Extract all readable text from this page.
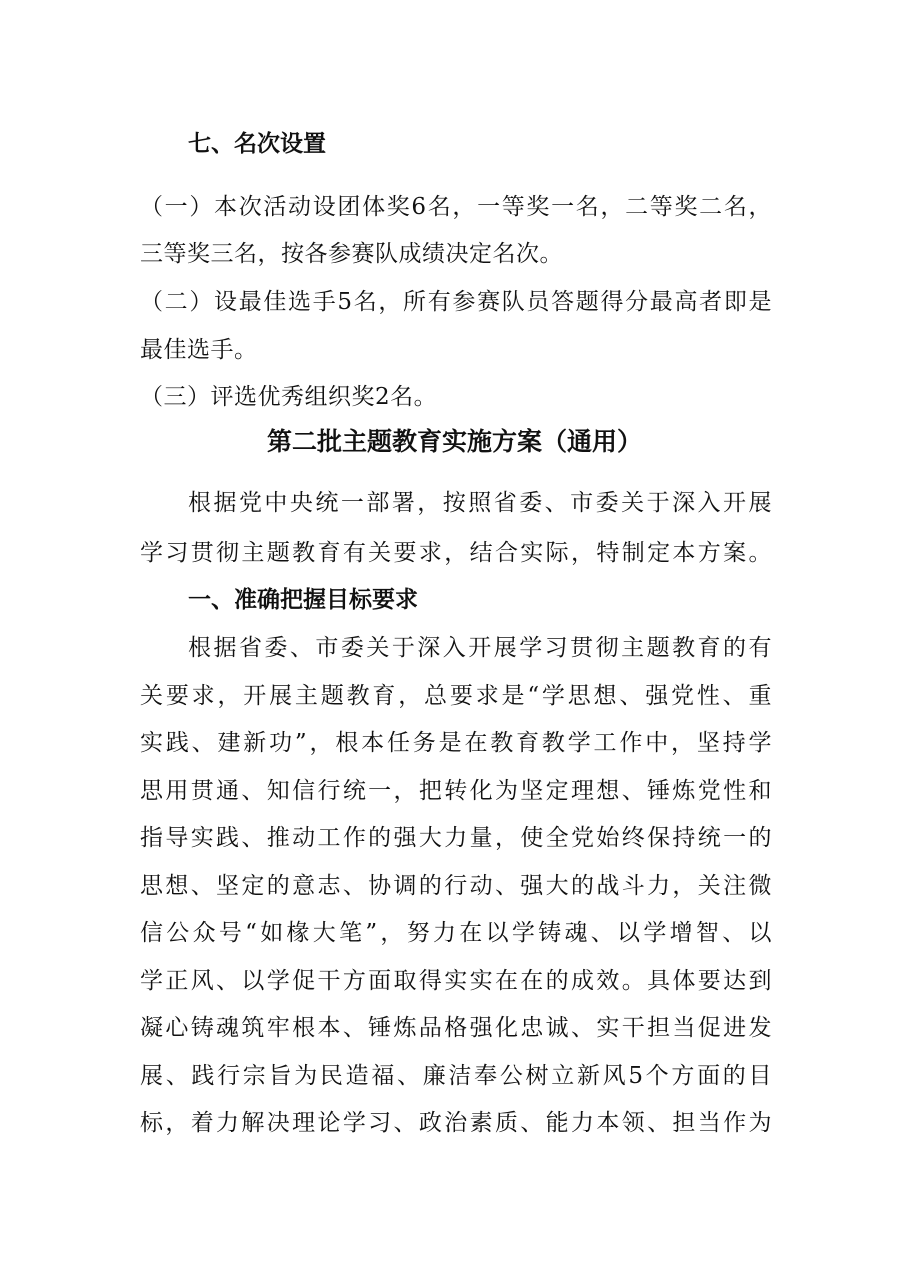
七、名次设置
（一）本次活动设团体奖6名，一等奖一名，二等奖二名，
三等奖三名，按各参赛队成绩决定名次。
（二）设最佳选手5名，所有参赛队员答题得分最高者即是
最佳选手。
（三）评选优秀组织奖2名。
第二批主题教育实施方案（通用）
根据党中央统一部署，按照省委、市委关于深入开展
学习贯彻主题教育有关要求，结合实际，特制定本方案。
一、准确把握目标要求
根据省委、市委关于深入开展学习贯彻主题教育的有
关要求，开展主题教育，总要求是“学思想、强党性、重
实践、建新功”，根本任务是在教育教学工作中，坚持学
思用贯通、知信行统一，把转化为坚定理想、锤炼党性和
指导实践、推动工作的强大力量，使全党始终保持统一的
思想、坚定的意志、协调的行动、强大的战斗力，关注微
信公众号“如椽大笔”，努力在以学铸魂、以学增智、以
学正风、以学促干方面取得实实在在的成效。具体要达到
凝心铸魂筑牢根本、锤炼品格强化忠诚、实干担当促进发
展、践行宗旨为民造福、廉洁奉公树立新风5个方面的目
标，着力解决理论学习、政治素质、能力本领、担当作为
